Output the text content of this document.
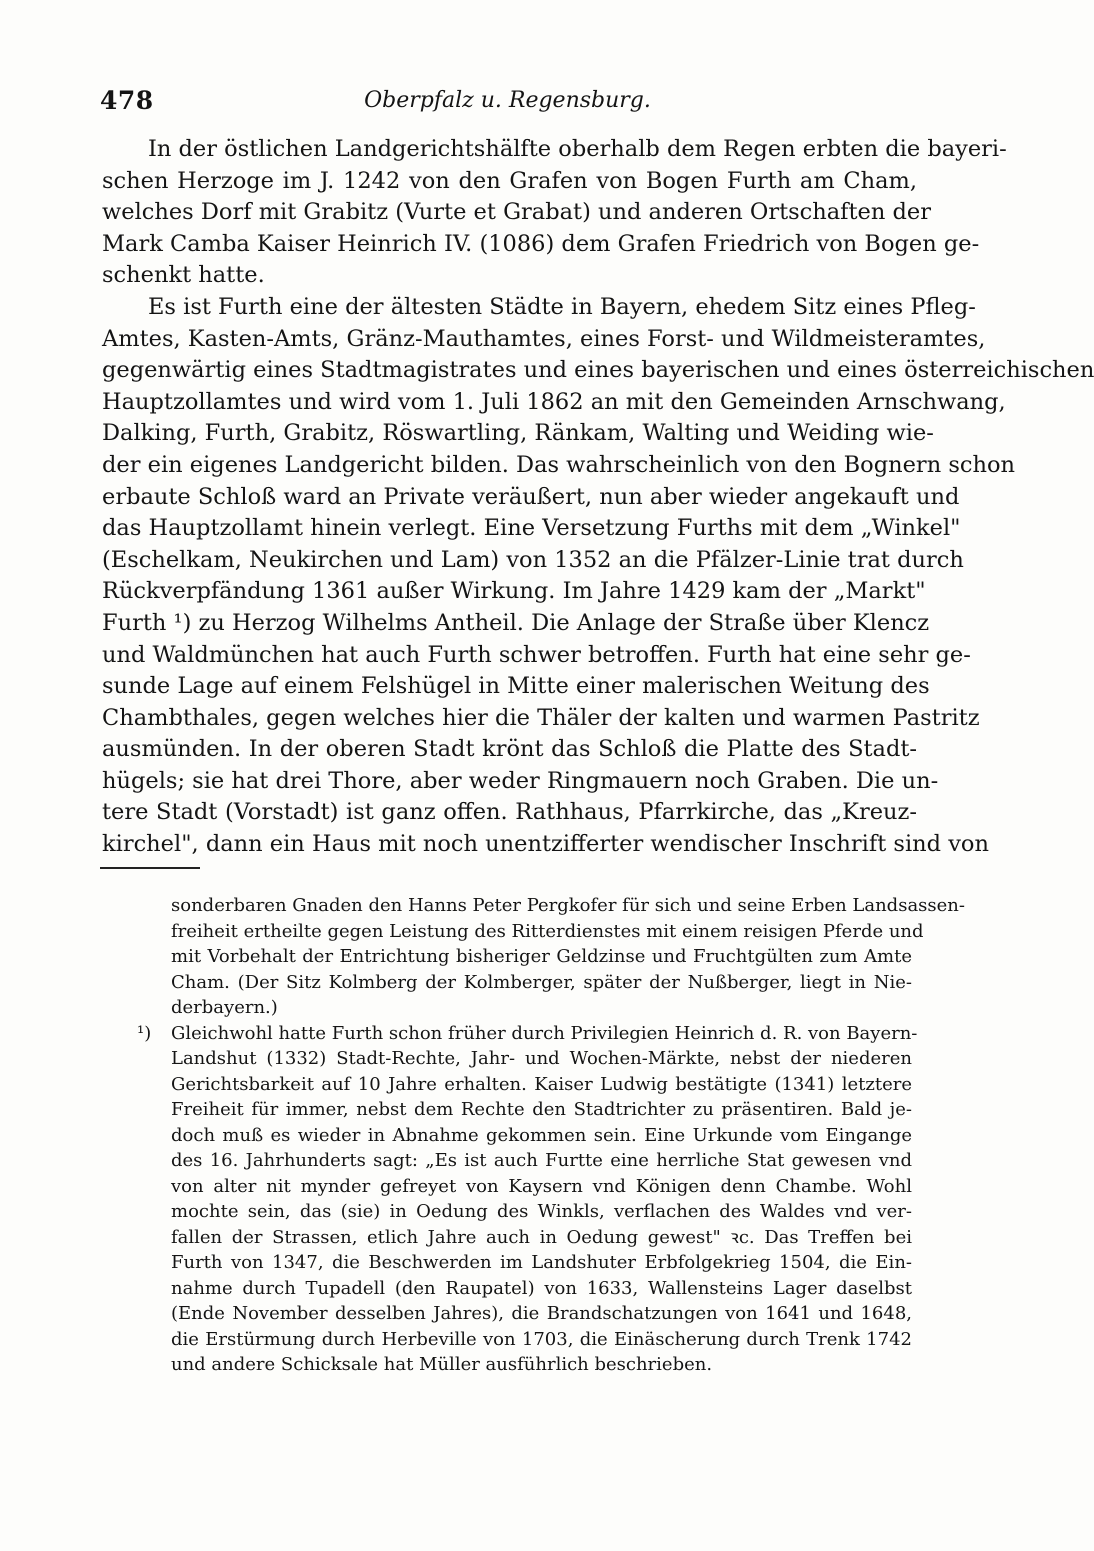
478	Oberpfalz u. Regensburg.
In der östlichen Landgerichtshälfte oberhalb dem Regen erbten die bayeri-
schen Herzoge im J. 1242 von den Grafen von Bogen Furth am Cham,
welches Dorf mit Grabitz (Vurte et Grabat) und anderen Ortschaften der
Mark Camba Kaiser Heinrich IV. (1086) dem Grafen Friedrich von Bogen ge-
schenkt hatte.
Es ist Furth eine der ältesten Städte in Bayern, ehedem Sitz eines Pfleg-
Amtes, Kasten-Amts, Gränz-Mauthamtes, eines Forst- und Wildmeisteramtes,
gegenwärtig eines Stadtmagistrates und eines bayerischen und eines österreichischen
Hauptzollamtes und wird vom 1. Juli 1862 an mit den Gemeinden Arnschwang,
Dalking, Furth, Grabitz, Röswartling, Ränkam, Walting und Weiding wie-
der ein eigenes Landgericht bilden. Das wahrscheinlich von den Bognern schon
erbaute Schloß ward an Private veräußert, nun aber wieder angekauft und
das Hauptzollamt hinein verlegt. Eine Versetzung Furths mit dem „Winkel"
(Eschelkam, Neukirchen und Lam) von 1352 an die Pfälzer-Linie trat durch
Rückverpfändung 1361 außer Wirkung. Im Jahre 1429 kam der „Markt"
Furth ¹) zu Herzog Wilhelms Antheil. Die Anlage der Straße über Klencz
und Waldmünchen hat auch Furth schwer betroffen. Furth hat eine sehr ge-
sunde Lage auf einem Felshügel in Mitte einer malerischen Weitung des
Chambthales, gegen welches hier die Thäler der kalten und warmen Pastritz
ausmünden. In der oberen Stadt krönt das Schloß die Platte des Stadt-
hügels; sie hat drei Thore, aber weder Ringmauern noch Graben. Die un-
tere Stadt (Vorstadt) ist ganz offen. Rathhaus, Pfarrkirche, das „Kreuz-
kirchel", dann ein Haus mit noch unentzifferter wendischer Inschrift sind von
sonderbaren Gnaden den Hanns Peter Pergkofer für sich und seine Erben Landsassen-
freiheit ertheilte gegen Leistung des Ritterdienstes mit einem reisigen Pferde und
mit Vorbehalt der Entrichtung bisheriger Geldzinse und Fruchtgülten zum Amte
Cham. (Der Sitz Kolmberg der Kolmberger, später der Nußberger, liegt in Nie-
derbayern.)
¹) Gleichwohl hatte Furth schon früher durch Privilegien Heinrich d. R. von Bayern-
Landshut (1332) Stadt-Rechte, Jahr- und Wochen-Märkte, nebst der niederen
Gerichtsbarkeit auf 10 Jahre erhalten. Kaiser Ludwig bestätigte (1341) letztere
Freiheit für immer, nebst dem Rechte den Stadtrichter zu präsentiren. Bald je-
doch muß es wieder in Abnahme gekommen sein. Eine Urkunde vom Eingange
des 16. Jahrhunderts sagt: „Es ist auch Furtte eine herrliche Stat gewesen vnd
von alter nit mynder gefreyet von Kaysern vnd Königen denn Chambe. Wohl
mochte sein, das (sie) in Oedung des Winkls, verflachen des Waldes vnd ver-
fallen der Strassen, etlich Jahre auch in Oedung gewest" ꝛc. Das Treffen bei
Furth von 1347, die Beschwerden im Landshuter Erbfolgekrieg 1504, die Ein-
nahme durch Tupadell (den Raupatel) von 1633, Wallensteins Lager daselbst
(Ende November desselben Jahres), die Brandschatzungen von 1641 und 1648,
die Erstürmung durch Herbeville von 1703, die Einäscherung durch Trenk 1742
und andere Schicksale hat Müller ausführlich beschrieben.
